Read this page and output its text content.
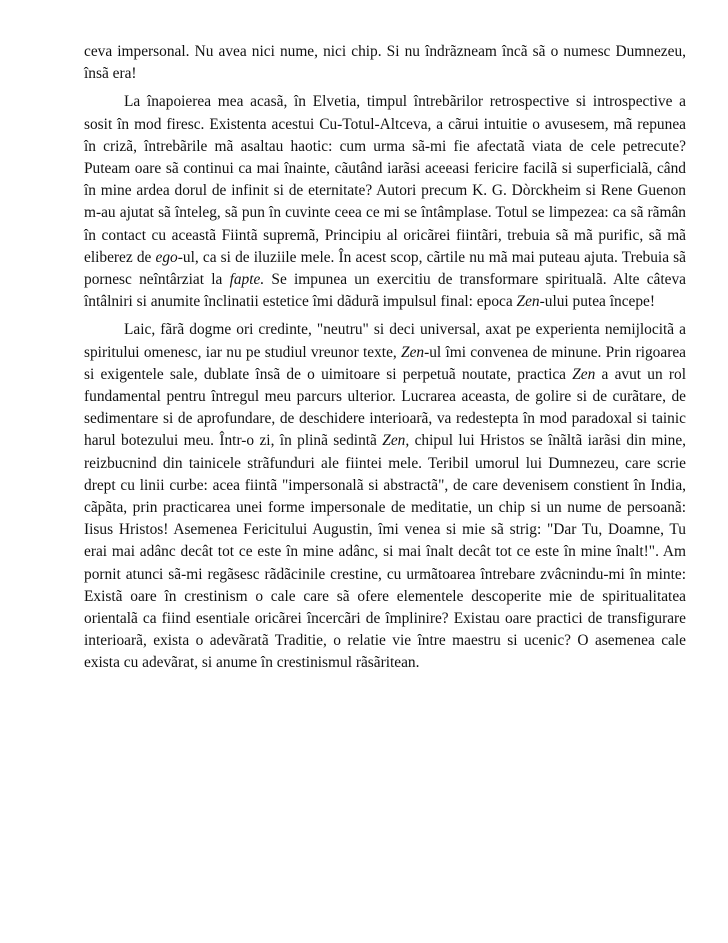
ceva impersonal. Nu avea nici nume, nici chip. Si nu îndrãzneam încã sã o numesc Dumnezeu, însã era!

La înapoierea mea acasã, în Elvetia, timpul întrebãrilor retrospective si introspective a sosit în mod firesc. Existenta acestui Cu-Totul-Altceva, a cãrui intuitie o avusesem, mã repunea în crizã, întrebãrile mã asaltau haotic: cum urma sã-mi fie afectatã viata de cele petrecute? Puteam oare sã continui ca mai înainte, cãutând iarãsi aceeasi fericire facilã si superficialã, când în mine ardea dorul de infinit si de eternitate? Autori precum K. G. Dòrckheim si Rene Guenon m-au ajutat sã înteleg, sã pun în cuvinte ceea ce mi se întâmplase. Totul se limpezea: ca sã rãmân în contact cu aceastã Fiintã supremã, Principiu al oricãrei fiintãri, trebuia sã mã purific, sã mã eliberez de ego-ul, ca si de iluziile mele. În acest scop, cãrtile nu mã mai puteau ajuta. Trebuia sã pornesc neîntârziat la fapte. Se impunea un exercitiu de transformare spiritualã. Alte câteva întâlniri si anumite înclinatii estetice îmi dãdurã impulsul final: epoca Zen-ului putea începe!

Laic, fãrã dogme ori credinte, "neutru" si deci universal, axat pe experienta nemijlocitã a spiritului omenesc, iar nu pe studiul vreunor texte, Zen-ul îmi convenea de minune. Prin rigoarea si exigentele sale, dublate însã de o uimitoare si perpetuã noutate, practica Zen a avut un rol fundamental pentru întregul meu parcurs ulterior. Lucrarea aceasta, de golire si de curãtare, de sedimentare si de aprofundare, de deschidere interioarã, va redestepta în mod paradoxal si tainic harul botezului meu. Într-o zi, în plinã sedintã Zen, chipul lui Hristos se înãltã iarãsi din mine, reizbucnind din tainicele strãfunduri ale fiintei mele. Teribil umorul lui Dumnezeu, care scrie drept cu linii curbe: acea fiintã "impersonalã si abstractã", de care devenisem constient în India, cãpãta, prin practicarea unei forme impersonale de meditatie, un chip si un nume de persoanã: Iisus Hristos! Asemenea Fericitului Augustin, îmi venea si mie sã strig: "Dar Tu, Doamne, Tu erai mai adânc decât tot ce este în mine adânc, si mai înalt decât tot ce este în mine înalt!". Am pornit atunci sã-mi regãsesc rãdãcinile crestine, cu urmãtoarea întrebare zvâcnindu-mi în minte: Existã oare în crestinism o cale care sã ofere elementele descoperite mie de spiritualitatea orientalã ca fiind esentiale oricãrei încercãri de împlinire? Existau oare practici de transfigurare interioarã, exista o adevãratã Traditie, o relatie vie între maestru si ucenic? O asemenea cale exista cu adevãrat, si anume în crestinismul rãsãritean.
